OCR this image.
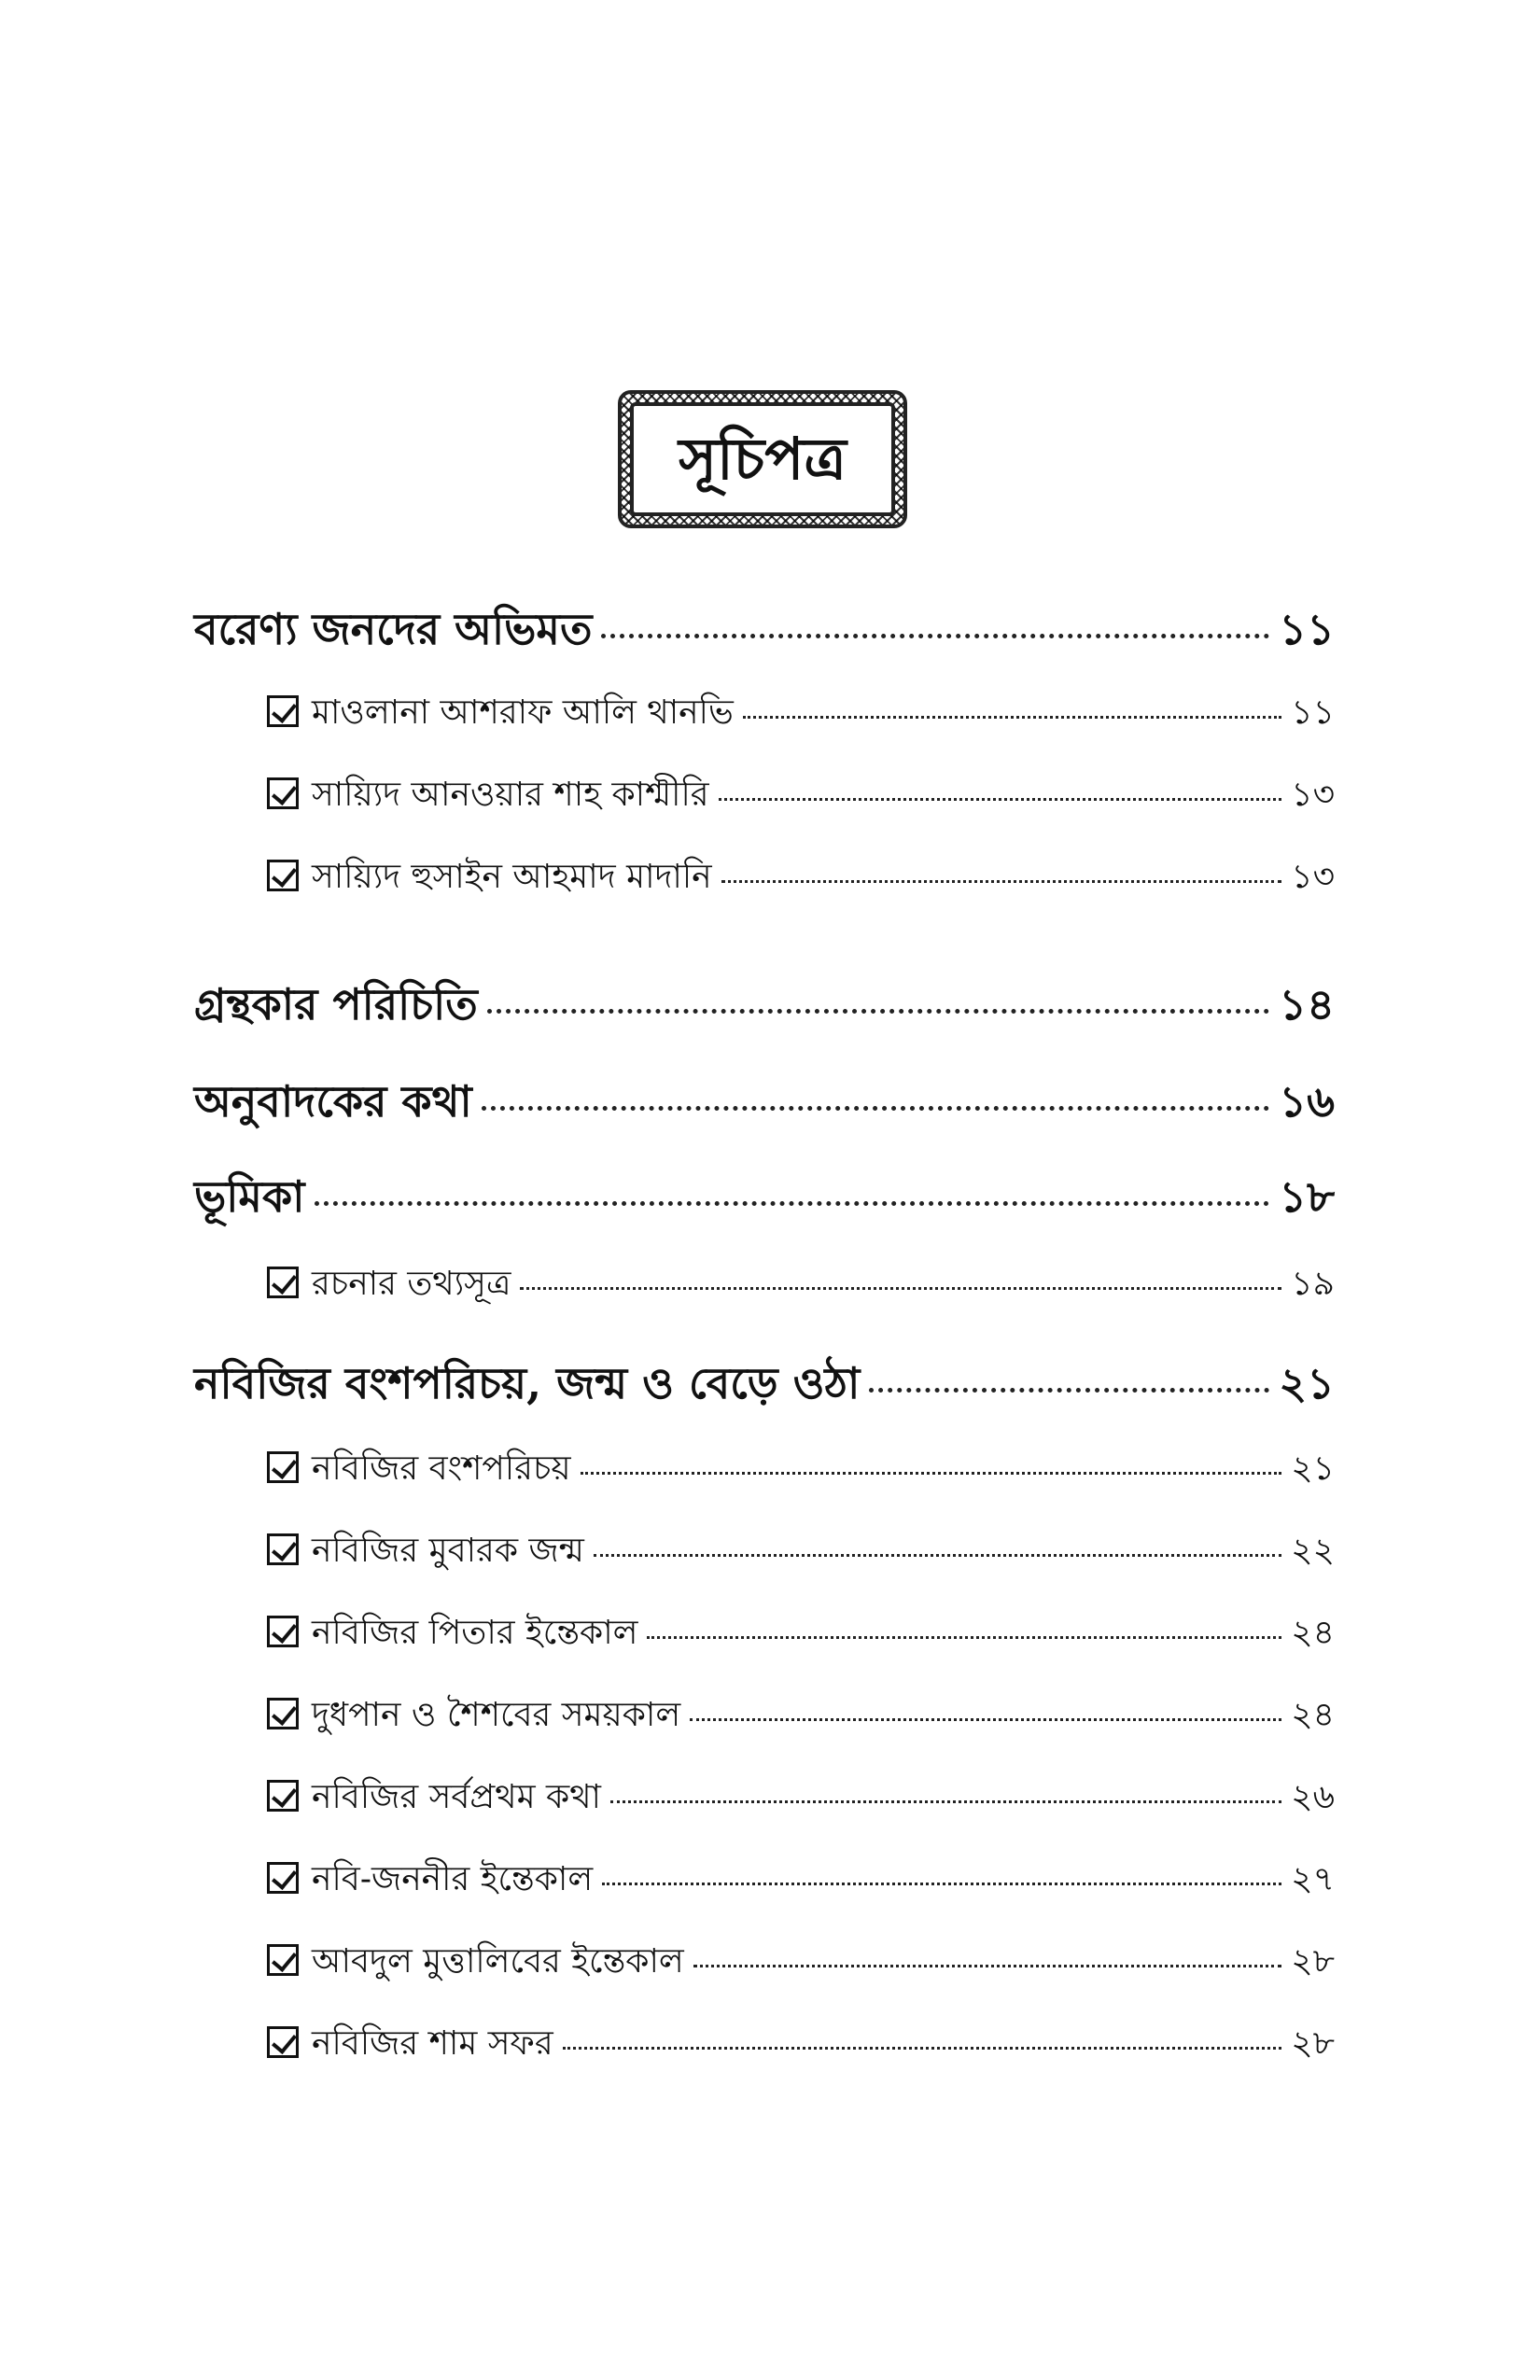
সূচিপত্র
বরেণ্য জনদের অভিমত	১১
মাওলানা আশরাফ আলি থানভি	১১
সায়্যিদ আনওয়ার শাহ কাশ্মীরি	১৩
সায়্যিদ হুসাইন আহমাদ মাদানি	১৩
গ্রন্থকার পরিচিতি	১৪
অনুবাদকের কথা	১৬
ভূমিকা	১৮
রচনার তথ্যসূত্র	১৯
নবিজির বংশপরিচয়, জন্ম ও বেড়ে ওঠা	২১
নবিজির বংশপরিচয়	২১
নবিজির মুবারক জন্ম	২২
নবিজির পিতার ইন্তেকাল	২৪
দুধপান ও শৈশবের সময়কাল	২৪
নবিজির সর্বপ্রথম কথা	২৬
নবি-জননীর ইন্তেকাল	২৭
আবদুল মুত্তালিবের ইন্তেকাল	২৮
নবিজির শাম সফর	২৮
